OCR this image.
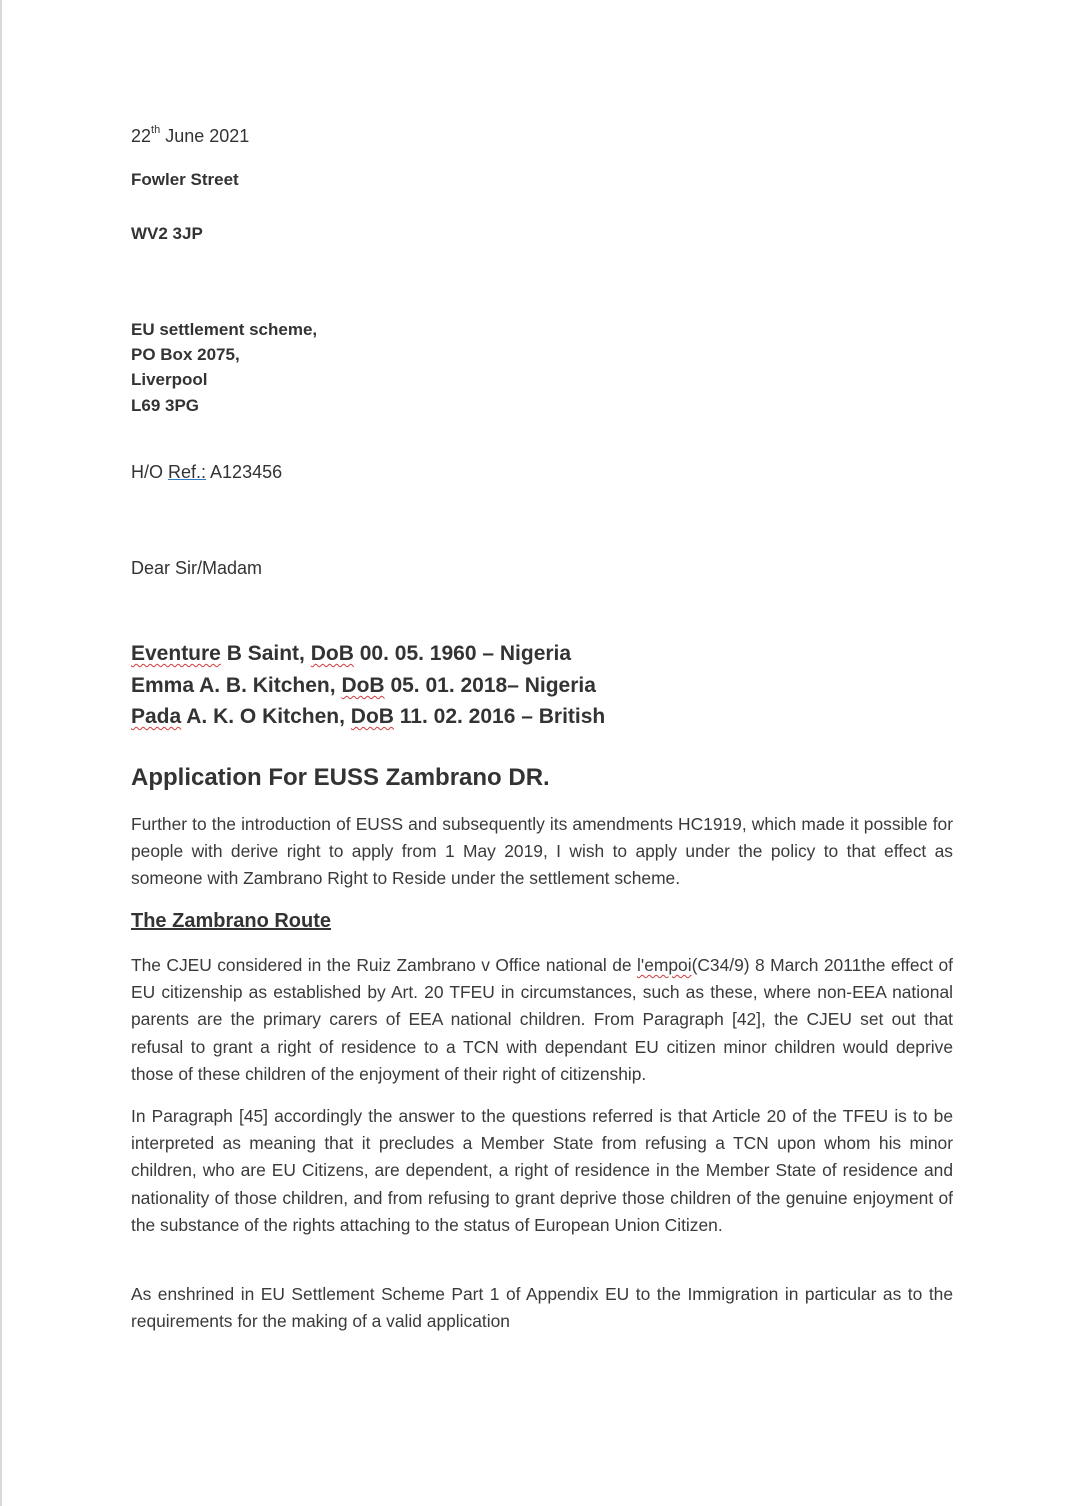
22th June 2021
Fowler Street
WV2 3JP
EU settlement scheme,
PO Box 2075,
Liverpool
L69 3PG
H/O Ref.: A123456
Dear Sir/Madam
Eventure B Saint, DoB 00. 05. 1960 – Nigeria
Emma A. B. Kitchen, DoB 05. 01. 2018– Nigeria
Pada A. K. O Kitchen, DoB 11. 02. 2016 – British
Application For EUSS Zambrano DR.
Further to the introduction of EUSS and subsequently its amendments HC1919, which made it possible for people with derive right to apply from 1 May 2019, I wish to apply under the policy to that effect as someone with Zambrano Right to Reside under the settlement scheme.
The Zambrano Route
The CJEU considered in the Ruiz Zambrano v Office national de l'empoi(C34/9) 8 March 2011the effect of EU citizenship as established by Art. 20 TFEU in circumstances, such as these, where non-EEA national parents are the primary carers of EEA national children. From Paragraph [42], the CJEU set out that refusal to grant a right of residence to a TCN with dependant EU citizen minor children would deprive those of these children of the enjoyment of their right of citizenship.
In Paragraph [45] accordingly the answer to the questions referred is that Article 20 of the TFEU is to be interpreted as meaning that it precludes a Member State from refusing a TCN upon whom his minor children, who are EU Citizens, are dependent, a right of residence in the Member State of residence and nationality of those children, and from refusing to grant deprive those children of the genuine enjoyment of the substance of the rights attaching to the status of European Union Citizen.
As enshrined in EU Settlement Scheme Part 1 of Appendix EU to the Immigration in particular as to the requirements for the making of a valid application
